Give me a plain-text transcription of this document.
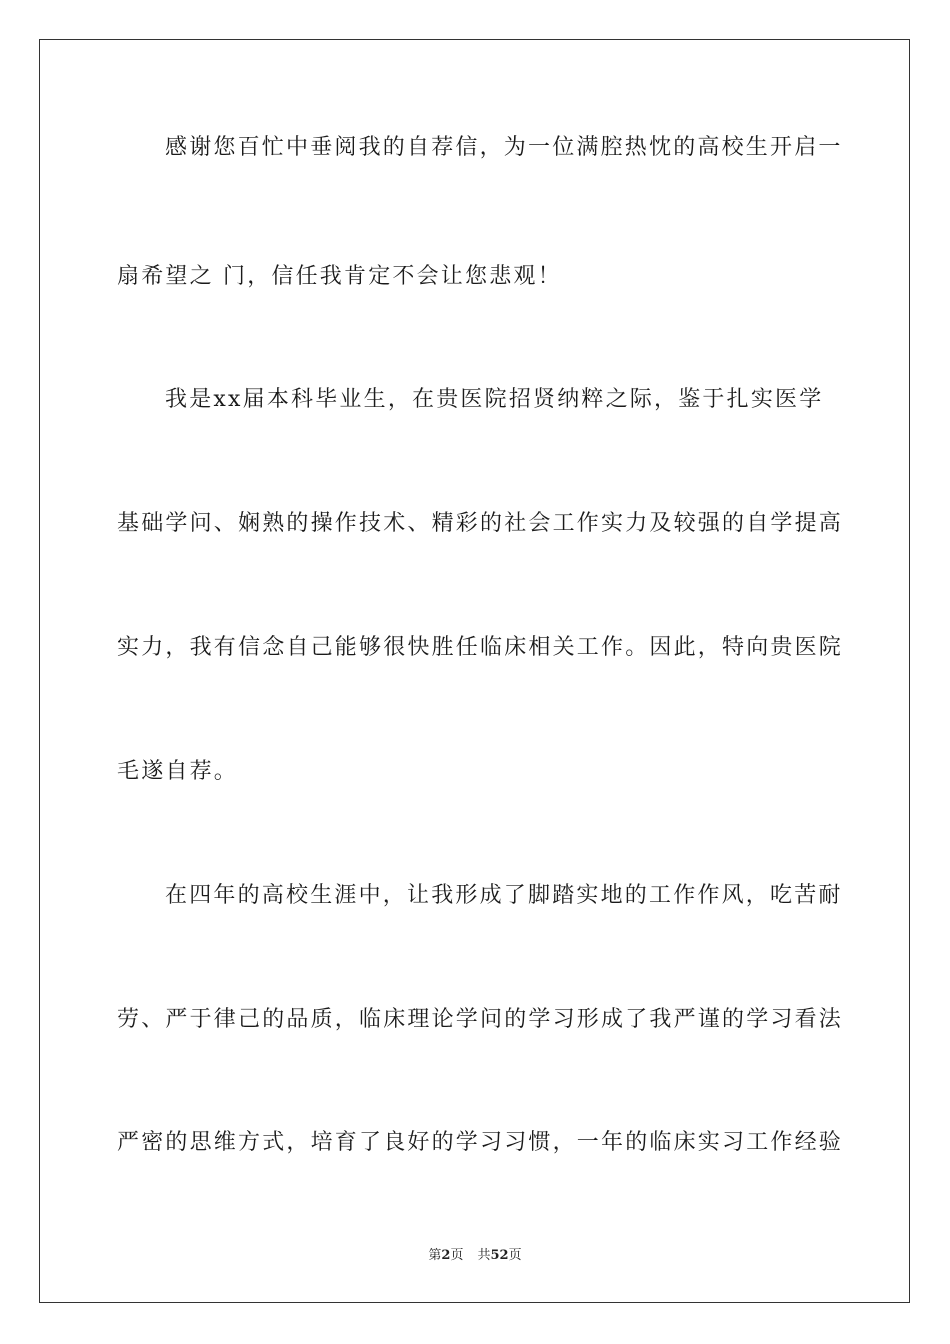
感谢您百忙中垂阅我的自荐信，为一位满腔热忱的高校生开启一
扇希望之 门，信任我肯定不会让您悲观！
我是xx届本科毕业生，在贵医院招贤纳粹之际，鉴于扎实医学
基础学问、娴熟的操作技术、精彩的社会工作实力及较强的自学提高
实力，我有信念自己能够很快胜任临床相关工作。因此，特向贵医院
毛遂自荐。
在四年的高校生涯中，让我形成了脚踏实地的工作作风，吃苦耐
劳、严于律己的品质，临床理论学问的学习形成了我严谨的学习看法
严密的思维方式，培育了良好的学习习惯，一年的临床实习工作经验
第2页 共52页
